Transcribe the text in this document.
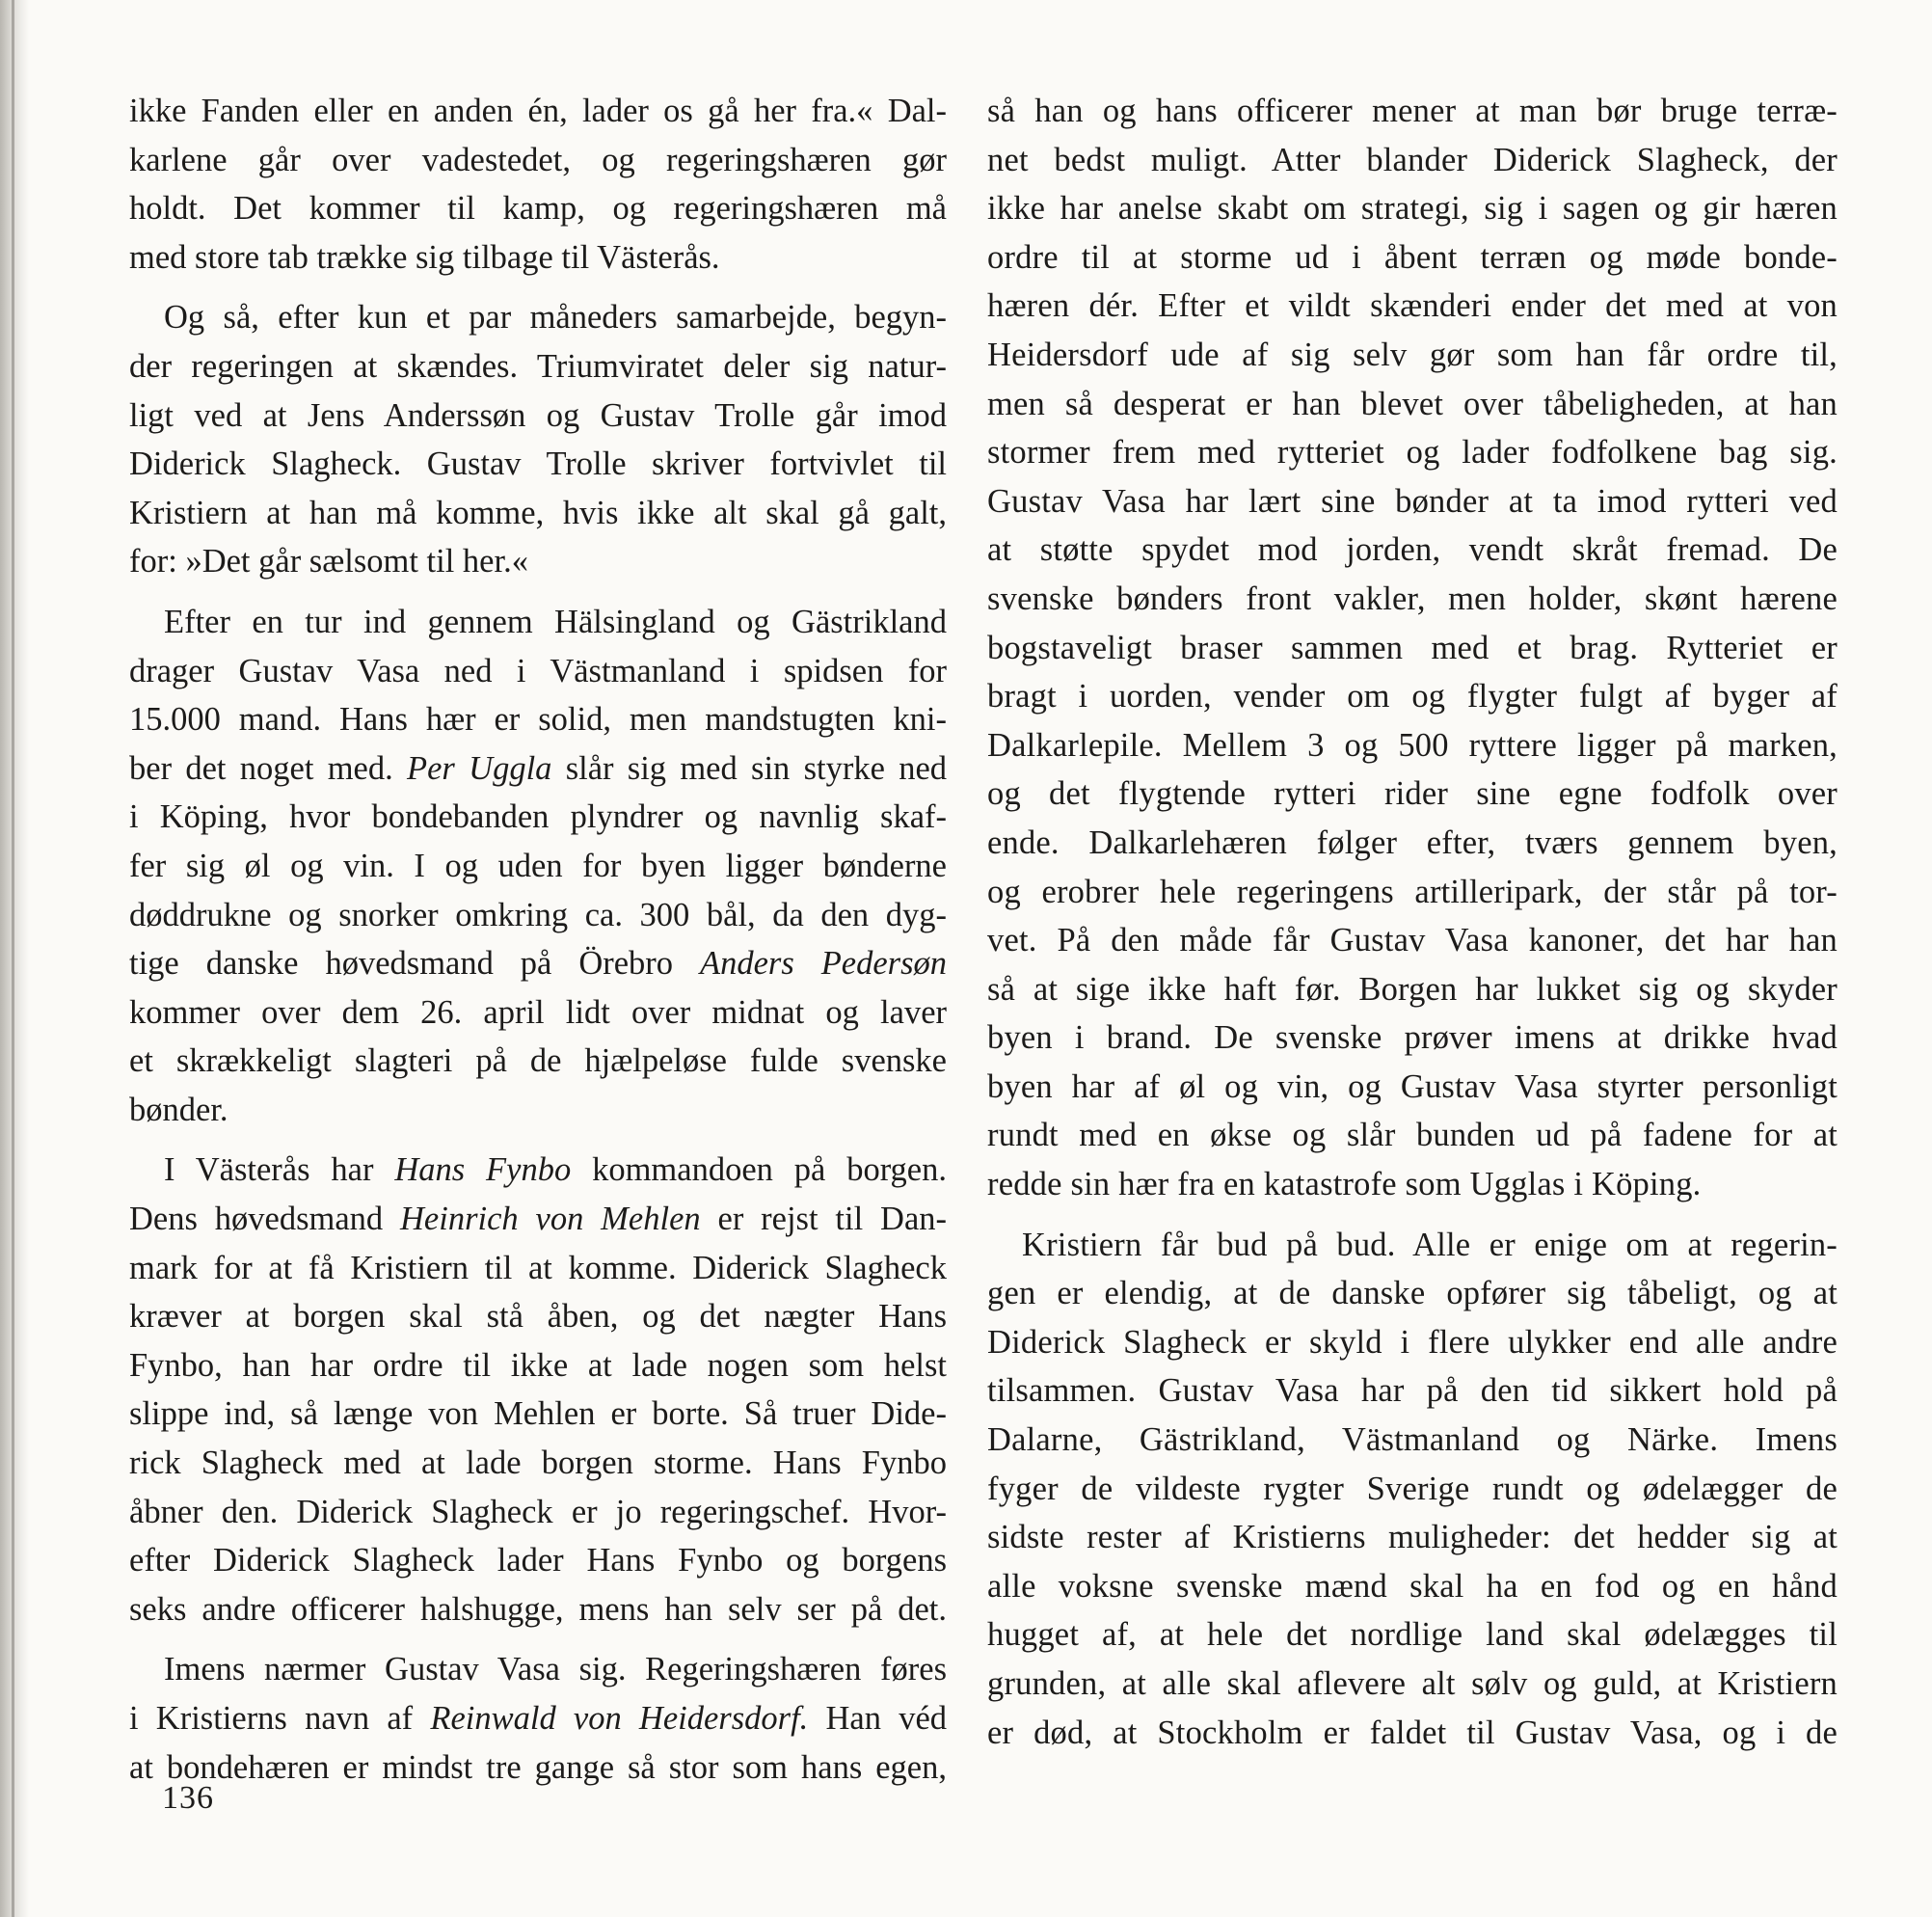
ikke Fanden eller en anden én, lader os gå her fra.« Dal-
karlene går over vadestedet, og regeringshæren gør
holdt. Det kommer til kamp, og regeringshæren må
med store tab trække sig tilbage til Västerås.

Og så, efter kun et par måneders samarbejde, begyn-
der regeringen at skændes. Triumviratet deler sig natur-
ligt ved at Jens Anderssøn og Gustav Trolle går imod
Diderick Slagheck. Gustav Trolle skriver fortvivlet til
Kristiern at han må komme, hvis ikke alt skal gå galt,
for: »Det går sælsomt til her.«

Efter en tur ind gennem Hälsingland og Gästrikland
drager Gustav Vasa ned i Västmanland i spidsen for
15.000 mand. Hans hær er solid, men mandstugten kni-
ber det noget med. Per Uggla slår sig med sin styrke ned
i Köping, hvor bondebanden plyndrer og navnlig skaf-
fer sig øl og vin. I og uden for byen ligger bønderne
døddrukne og snorker omkring ca. 300 bål, da den dyg-
tige danske høvedsmand på Örebro Anders Pedersøn
kommer over dem 26. april lidt over midnat og laver
et skrækkeligt slagteri på de hjælpeløse fulde svenske
bønder.

I Västerås har Hans Fynbo kommandoen på borgen.
Dens høvedsmand Heinrich von Mehlen er rejst til Dan-
mark for at få Kristiern til at komme. Diderick Slagheck
kræver at borgen skal stå åben, og det nægter Hans
Fynbo, han har ordre til ikke at lade nogen som helst
slippe ind, så længe von Mehlen er borte. Så truer Dide-
rick Slagheck med at lade borgen storme. Hans Fynbo
åbner den. Diderick Slagheck er jo regeringschef. Hvor-
efter Diderick Slagheck lader Hans Fynbo og borgens
seks andre officerer halshugge, mens han selv ser på det.

Imens nærmer Gustav Vasa sig. Regeringshæren føres
i Kristierns navn af Reinwald von Heidersdorf. Han véd
at bondehæren er mindst tre gange så stor som hans egen,

så han og hans officerer mener at man bør bruge terræ-
net bedst muligt. Atter blander Diderick Slagheck, der
ikke har anelse skabt om strategi, sig i sagen og gir hæren
ordre til at storme ud i åbent terræn og møde bonde-
hæren dér. Efter et vildt skænderi ender det med at von
Heidersdorf ude af sig selv gør som han får ordre til,
men så desperat er han blevet over tåbeligheden, at han
stormer frem med rytteriet og lader fodfolkene bag sig.
Gustav Vasa har lært sine bønder at ta imod rytteri ved
at støtte spydet mod jorden, vendt skråt fremad. De
svenske bønders front vakler, men holder, skønt hærene
bogstaveligt braser sammen med et brag. Rytteriet er
bragt i uorden, vender om og flygter fulgt af byger af
Dalkarlepile. Mellem 3 og 500 ryttere ligger på marken,
og det flygtende rytteri rider sine egne fodfolk over
ende. Dalkarlehæren følger efter, tværs gennem byen,
og erobrer hele regeringens artilleripark, der står på tor-
vet. På den måde får Gustav Vasa kanoner, det har han
så at sige ikke haft før. Borgen har lukket sig og skyder
byen i brand. De svenske prøver imens at drikke hvad
byen har af øl og vin, og Gustav Vasa styrter personligt
rundt med en økse og slår bunden ud på fadene for at
redde sin hær fra en katastrofe som Ugglas i Köping.

Kristiern får bud på bud. Alle er enige om at regerin-
gen er elendig, at de danske opfører sig tåbeligt, og at
Diderick Slagheck er skyld i flere ulykker end alle andre
tilsammen. Gustav Vasa har på den tid sikkert hold på
Dalarne, Gästrikland, Västmanland og Närke. Imens
fyger de vildeste rygter Sverige rundt og ødelægger de
sidste rester af Kristierns muligheder: det hedder sig at
alle voksne svenske mænd skal ha en fod og en hånd
hugget af, at hele det nordlige land skal ødelægges til
grunden, at alle skal aflevere alt sølv og guld, at Kristiern
er død, at Stockholm er faldet til Gustav Vasa, og i de

136
